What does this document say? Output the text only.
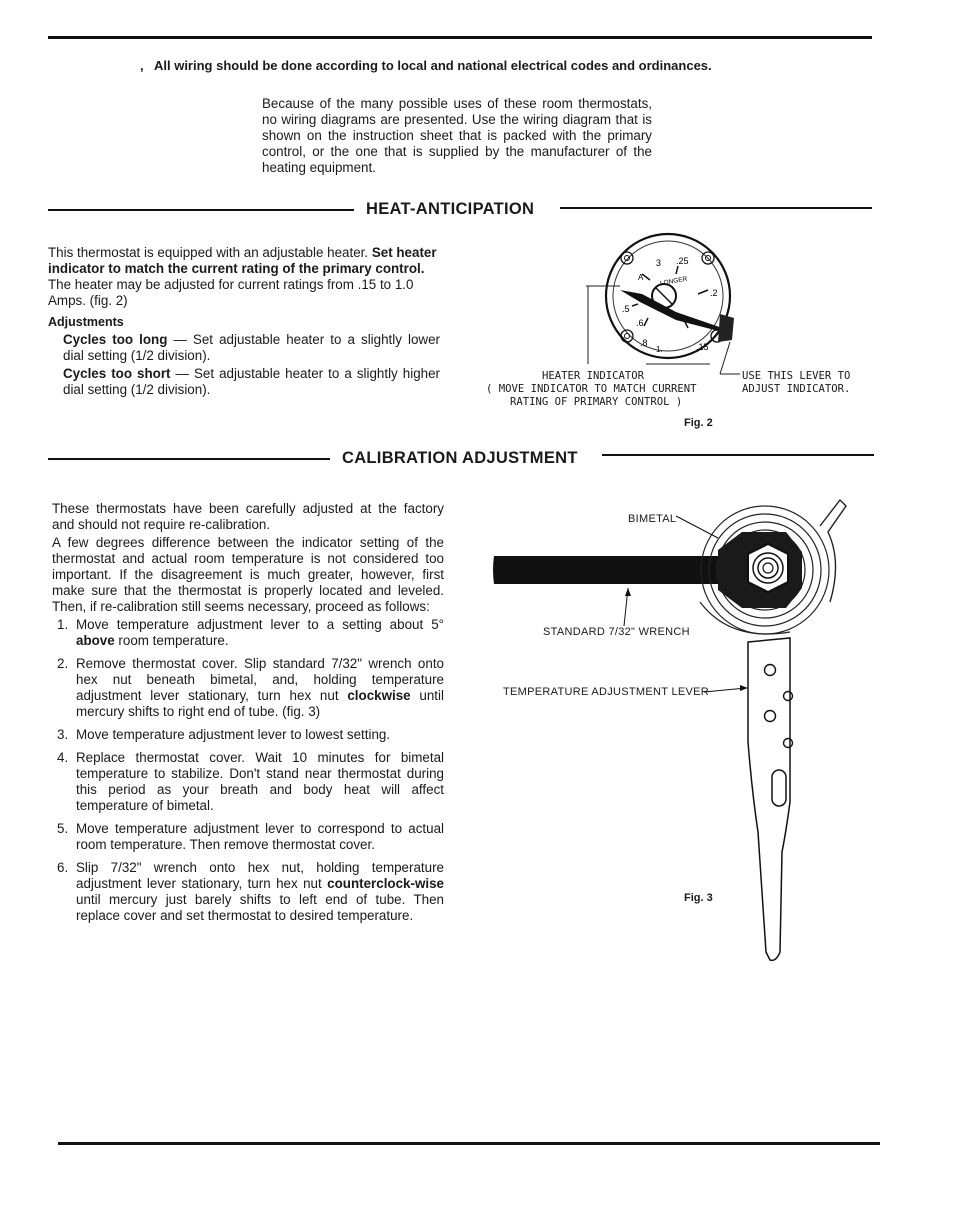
, All wiring should be done according to local and national electrical codes and ordinances.
Because of the many possible uses of these room thermostats, no wiring diagrams are presented. Use the wiring diagram that is shown on the instruction sheet that is packed with the primary control, or the one that is supplied by the manufacturer of the heating equipment.
HEAT-ANTICIPATION
This thermostat is equipped with an adjustable heater. Set heater indicator to match the current rating of the primary control. The heater may be adjusted for current ratings from .15 to 1.0 Amps. (fig. 2)

Adjustments

Cycles too long — Set adjustable heater to a slightly lower dial setting (1/2 division).

Cycles too short — Set adjustable heater to a slightly higher dial setting (1/2 division).

3 .25
.2
.5
.6
.8
1.	.15
LONGER
A
HEATER INDICATOR
( MOVE INDICATOR TO MATCH CURRENT
RATING OF PRIMARY CONTROL )
USE THIS LEVER TO
ADJUST INDICATOR.
Fig. 2
CALIBRATION ADJUSTMENT
These thermostats have been carefully adjusted at the factory and should not require re-calibration.
A few degrees difference between the indicator setting of the thermostat and actual room temperature is not considered too important. If the disagreement is much greater, however, first make sure that the thermostat is properly located and leveled. Then, if re-calibration still seems necessary, proceed as follows:
1. Move temperature adjustment lever to a setting about 5° above room temperature.
2. Remove thermostat cover. Slip standard 7/32" wrench onto hex nut beneath bimetal, and, holding temperature adjustment lever stationary, turn hex nut clockwise until mercury shifts to right end of tube. (fig. 3)
3. Move temperature adjustment lever to lowest setting.
4. Replace thermostat cover. Wait 10 minutes for bimetal temperature to stabilize. Don't stand near thermostat during this period as your breath and body heat will affect temperature of bimetal.
5. Move temperature adjustment lever to correspond to actual room temperature. Then remove thermostat cover.
6. Slip 7/32" wrench onto hex nut, holding temperature adjustment lever stationary, turn hex nut counterclock-wise until mercury just barely shifts to left end of tube. Then replace cover and set thermostat to desired temperature.
BIMETAL
STANDARD 7/32" WRENCH
TEMPERATURE ADJUSTMENT LEVER
Fig. 3
